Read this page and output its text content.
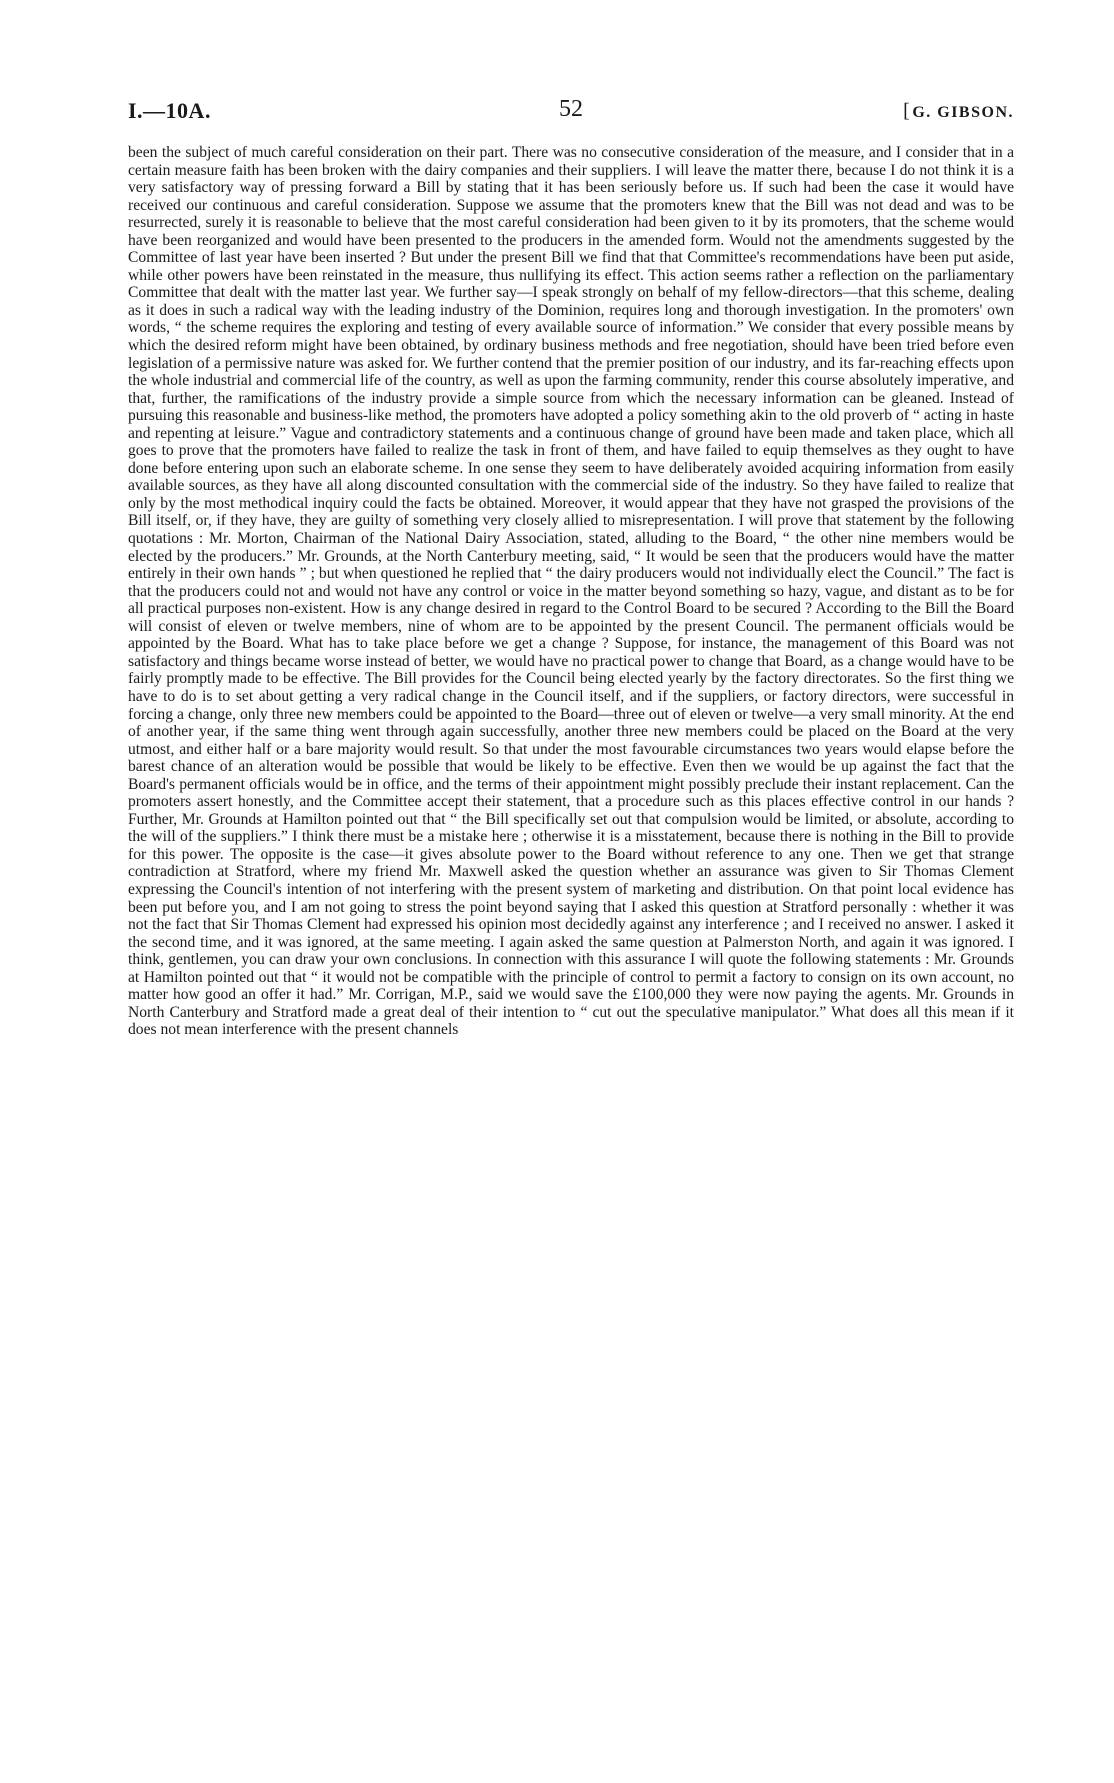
I.—10A.	52	[G. GIBSON.

been the subject of much careful consideration on their part. There was no consecutive consideration of the measure, and I consider that in a certain measure faith has been broken with the dairy companies and their suppliers. I will leave the matter there, because I do not think it is a very satisfactory way of pressing forward a Bill by stating that it has been seriously before us. If such had been the case it would have received our continuous and careful consideration. Suppose we assume that the promoters knew that the Bill was not dead and was to be resurrected, surely it is reasonable to believe that the most careful consideration had been given to it by its promoters, that the scheme would have been reorganized and would have been presented to the producers in the amended form. Would not the amendments suggested by the Committee of last year have been inserted ? But under the present Bill we find that that Committee's recommendations have been put aside, while other powers have been reinstated in the measure, thus nullifying its effect. This action seems rather a reflection on the parliamentary Committee that dealt with the matter last year. We further say—I speak strongly on behalf of my fellow-directors—that this scheme, dealing as it does in such a radical way with the leading industry of the Dominion, requires long and thorough investigation. In the promoters' own words, “ the scheme requires the exploring and testing of every available source of information.” We consider that every possible means by which the desired reform might have been obtained, by ordinary business methods and free negotiation, should have been tried before even legislation of a permissive nature was asked for. We further contend that the premier position of our industry, and its far-reaching effects upon the whole industrial and commercial life of the country, as well as upon the farming community, render this course absolutely imperative, and that, further, the ramifications of the industry provide a simple source from which the necessary information can be gleaned. Instead of pursuing this reasonable and business-like method, the promoters have adopted a policy something akin to the old proverb of “ acting in haste and repenting at leisure.” Vague and contradictory statements and a continuous change of ground have been made and taken place, which all goes to prove that the promoters have failed to realize the task in front of them, and have failed to equip themselves as they ought to have done before entering upon such an elaborate scheme. In one sense they seem to have deliberately avoided acquiring information from easily available sources, as they have all along discounted consultation with the commercial side of the industry. So they have failed to realize that only by the most methodical inquiry could the facts be obtained. Moreover, it would appear that they have not grasped the provisions of the Bill itself, or, if they have, they are guilty of something very closely allied to misrepresentation. I will prove that statement by the following quotations : Mr. Morton, Chairman of the National Dairy Association, stated, alluding to the Board, “ the other nine members would be elected by the producers.” Mr. Grounds, at the North Canterbury meeting, said, “ It would be seen that the producers would have the matter entirely in their own hands ” ; but when questioned he replied that “ the dairy producers would not individually elect the Council.” The fact is that the producers could not and would not have any control or voice in the matter beyond something so hazy, vague, and distant as to be for all practical purposes non-existent. How is any change desired in regard to the Control Board to be secured ? According to the Bill the Board will consist of eleven or twelve members, nine of whom are to be appointed by the present Council. The permanent officials would be appointed by the Board. What has to take place before we get a change ? Suppose, for instance, the management of this Board was not satisfactory and things became worse instead of better, we would have no practical power to change that Board, as a change would have to be fairly promptly made to be effective. The Bill provides for the Council being elected yearly by the factory directorates. So the first thing we have to do is to set about getting a very radical change in the Council itself, and if the suppliers, or factory directors, were successful in forcing a change, only three new members could be appointed to the Board—three out of eleven or twelve—a very small minority. At the end of another year, if the same thing went through again successfully, another three new members could be placed on the Board at the very utmost, and either half or a bare majority would result. So that under the most favourable circumstances two years would elapse before the barest chance of an alteration would be possible that would be likely to be effective. Even then we would be up against the fact that the Board's permanent officials would be in office, and the terms of their appointment might possibly preclude their instant replacement. Can the promoters assert honestly, and the Committee accept their statement, that a procedure such as this places effective control in our hands ? Further, Mr. Grounds at Hamilton pointed out that “ the Bill specifically set out that compulsion would be limited, or absolute, according to the will of the suppliers.” I think there must be a mistake here ; otherwise it is a misstatement, because there is nothing in the Bill to provide for this power. The opposite is the case—it gives absolute power to the Board without reference to any one. Then we get that strange contradiction at Stratford, where my friend Mr. Maxwell asked the question whether an assurance was given to Sir Thomas Clement expressing the Council's intention of not interfering with the present system of marketing and distribution. On that point local evidence has been put before you, and I am not going to stress the point beyond saying that I asked this question at Stratford personally : whether it was not the fact that Sir Thomas Clement had expressed his opinion most decidedly against any interference ; and I received no answer. I asked it the second time, and it was ignored, at the same meeting. I again asked the same question at Palmerston North, and again it was ignored. I think, gentlemen, you can draw your own conclusions. In connection with this assurance I will quote the following statements : Mr. Grounds at Hamilton pointed out that “ it would not be compatible with the principle of control to permit a factory to consign on its own account, no matter how good an offer it had.” Mr. Corrigan, M.P., said we would save the £100,000 they were now paying the agents. Mr. Grounds in North Canterbury and Stratford made a great deal of their intention to “ cut out the speculative manipulator.” What does all this mean if it does not mean interference with the present channels
